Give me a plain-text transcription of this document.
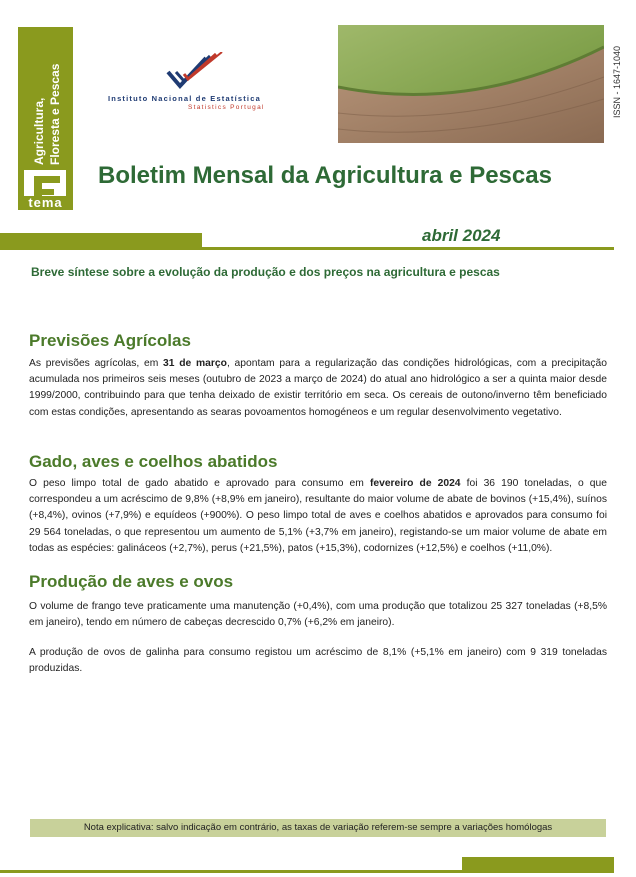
Agricultura, Floresta e Pescas
tema
Instituto Nacional de Estatística
Statistics Portugal	ISSN - 1647-1040
Boletim Mensal da Agricultura e Pescas
abril 2024
Breve síntese sobre a evolução da produção e dos preços na agricultura e pescas
Previsões Agrícolas

As previsões agrícolas, em 31 de março, apontam para a regularização das condições hidrológicas, com a precipitação acumulada nos primeiros seis meses (outubro de 2023 a março de 2024) do atual ano hidrológico a ser a quinta maior desde 1999/2000, contribuindo para que tenha deixado de existir território em seca. Os cereais de outono/inverno têm beneficiado com estas condições, apresentando as searas povoamentos homogéneos e um regular desenvolvimento vegetativo.

Gado, aves e coelhos abatidos

O peso limpo total de gado abatido e aprovado para consumo em fevereiro de 2024 foi 36 190 toneladas, o que correspondeu a um acréscimo de 9,8% (+8,9% em janeiro), resultante do maior volume de abate de bovinos (+15,4%), suínos (+8,4%), ovinos (+7,9%) e equídeos (+900%). O peso limpo total de aves e coelhos abatidos e aprovados para consumo foi 29 564 toneladas, o que representou um aumento de 5,1% (+3,7% em janeiro), registando-se um maior volume de abate em todas as espécies: galináceos (+2,7%), perus (+21,5%), patos (+15,3%), codornizes (+12,5%) e coelhos (+11,0%).

Produção de aves e ovos

O volume de frango teve praticamente uma manutenção (+0,4%), com uma produção que totalizou 25 327 toneladas (+8,5% em janeiro), tendo em número de cabeças decrescido 0,7% (+6,2% em janeiro).

A produção de ovos de galinha para consumo registou um acréscimo de 8,1% (+5,1% em janeiro) com 9 319 toneladas produzidas.

Nota explicativa: salvo indicação em contrário, as taxas de variação referem-se sempre a variações homólogas
